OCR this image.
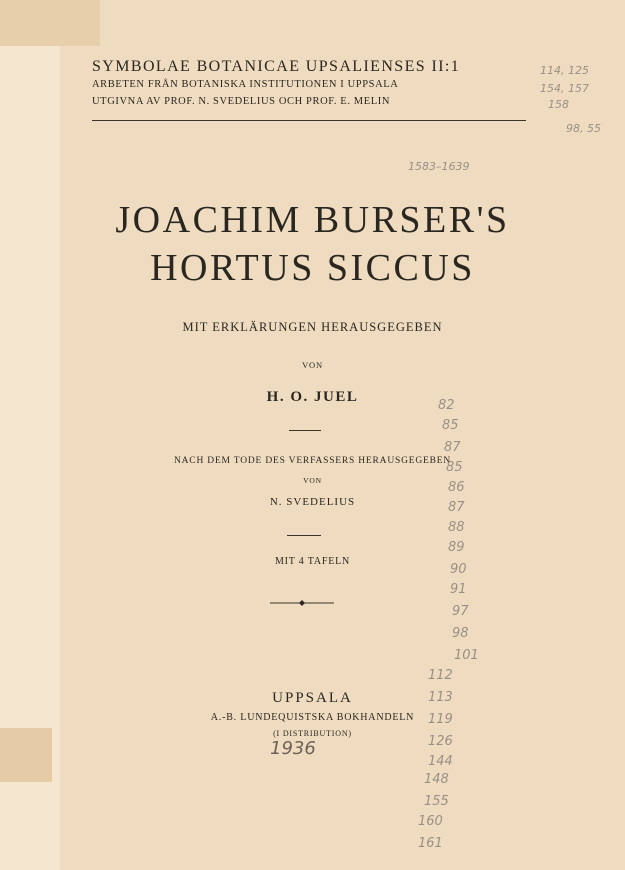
SYMBOLAE BOTANICAE UPSALIENSES II:1
ARBETEN FRÅN BOTANISKA INSTITUTIONEN I UPPSALA
UTGIVNA AV PROF. N. SVEDELIUS OCH PROF. E. MELIN
1583–1639
JOACHIM BURSER'S
HORTUS SICCUS
MIT ERKLÄRUNGEN HERAUSGEGEBEN
VON
H. O. JUEL
NACH DEM TODE DES VERFASSERS HERAUSGEGEBEN
VON
N. SVEDELIUS
MIT 4 TAFELN
UPPSALA
A.-B. LUNDEQUISTSKA BOKHANDELN
(I DISTRIBUTION)
1936
114, 125
154, 157
158
98, 55
82
85
87
85
86
87
88
89
90
91
97
98
101
112
113
119
126
144
148
155
160
161
